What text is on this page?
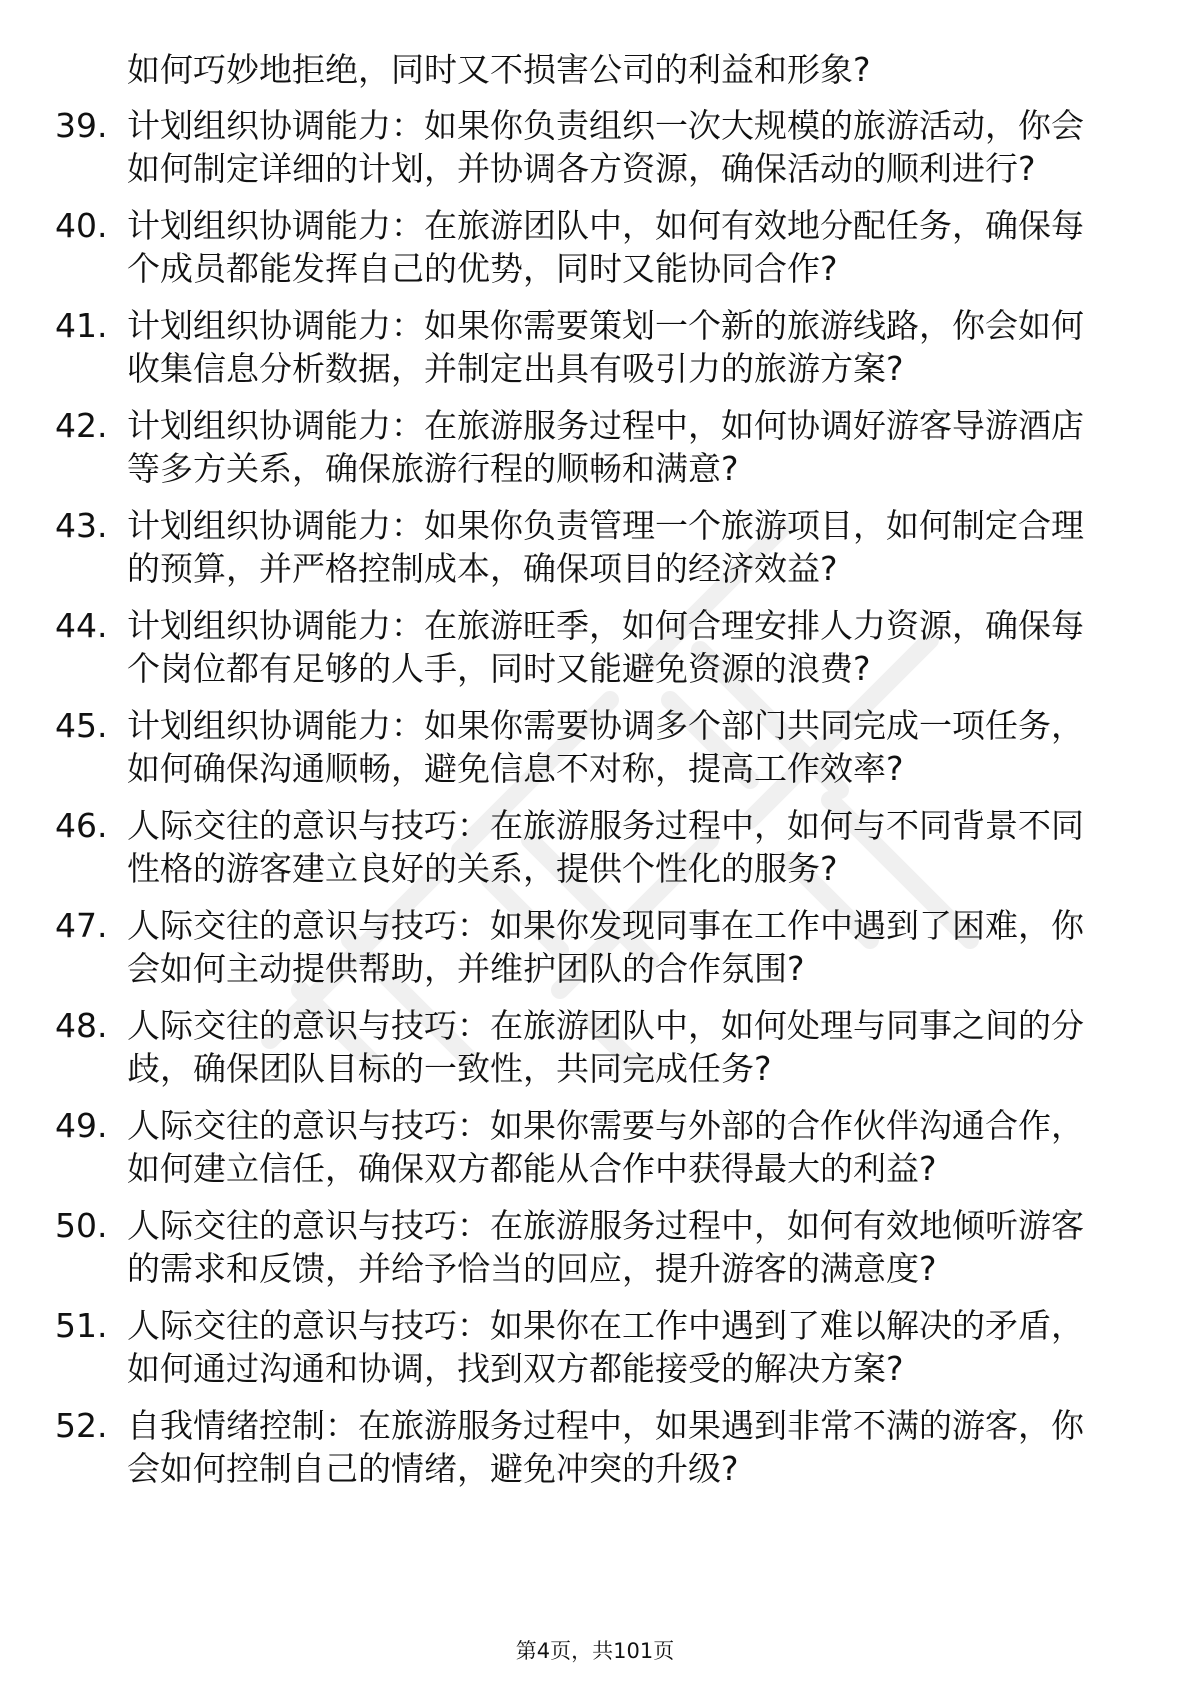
如何巧妙地拒绝，同时又不损害公司的利益和形象?
39. 计划组织协调能力：如果你负责组织一次大规模的旅游活动，你会如何制定详细的计划，并协调各方资源，确保活动的顺利进行?
40. 计划组织协调能力：在旅游团队中，如何有效地分配任务，确保每个成员都能发挥自己的优势，同时又能协同合作?
41. 计划组织协调能力：如果你需要策划一个新的旅游线路，你会如何收集信息分析数据，并制定出具有吸引力的旅游方案?
42. 计划组织协调能力：在旅游服务过程中，如何协调好游客导游酒店等多方关系，确保旅游行程的顺畅和满意?
43. 计划组织协调能力：如果你负责管理一个旅游项目，如何制定合理的预算，并严格控制成本，确保项目的经济效益?
44. 计划组织协调能力：在旅游旺季，如何合理安排人力资源，确保每个岗位都有足够的人手，同时又能避免资源的浪费?
45. 计划组织协调能力：如果你需要协调多个部门共同完成一项任务，如何确保沟通顺畅，避免信息不对称，提高工作效率?
46. 人际交往的意识与技巧：在旅游服务过程中，如何与不同背景不同性格的游客建立良好的关系，提供个性化的服务?
47. 人际交往的意识与技巧：如果你发现同事在工作中遇到了困难，你会如何主动提供帮助，并维护团队的合作氛围?
48. 人际交往的意识与技巧：在旅游团队中，如何处理与同事之间的分歧，确保团队目标的一致性，共同完成任务?
49. 人际交往的意识与技巧：如果你需要与外部的合作伙伴沟通合作，如何建立信任，确保双方都能从合作中获得最大的利益?
50. 人际交往的意识与技巧：在旅游服务过程中，如何有效地倾听游客的需求和反馈，并给予恰当的回应，提升游客的满意度?
51. 人际交往的意识与技巧：如果你在工作中遇到了难以解决的矛盾，如何通过沟通和协调，找到双方都能接受的解决方案?
52. 自我情绪控制：在旅游服务过程中，如果遇到非常不满的游客，你会如何控制自己的情绪，避免冲突的升级?
第4页，共101页
